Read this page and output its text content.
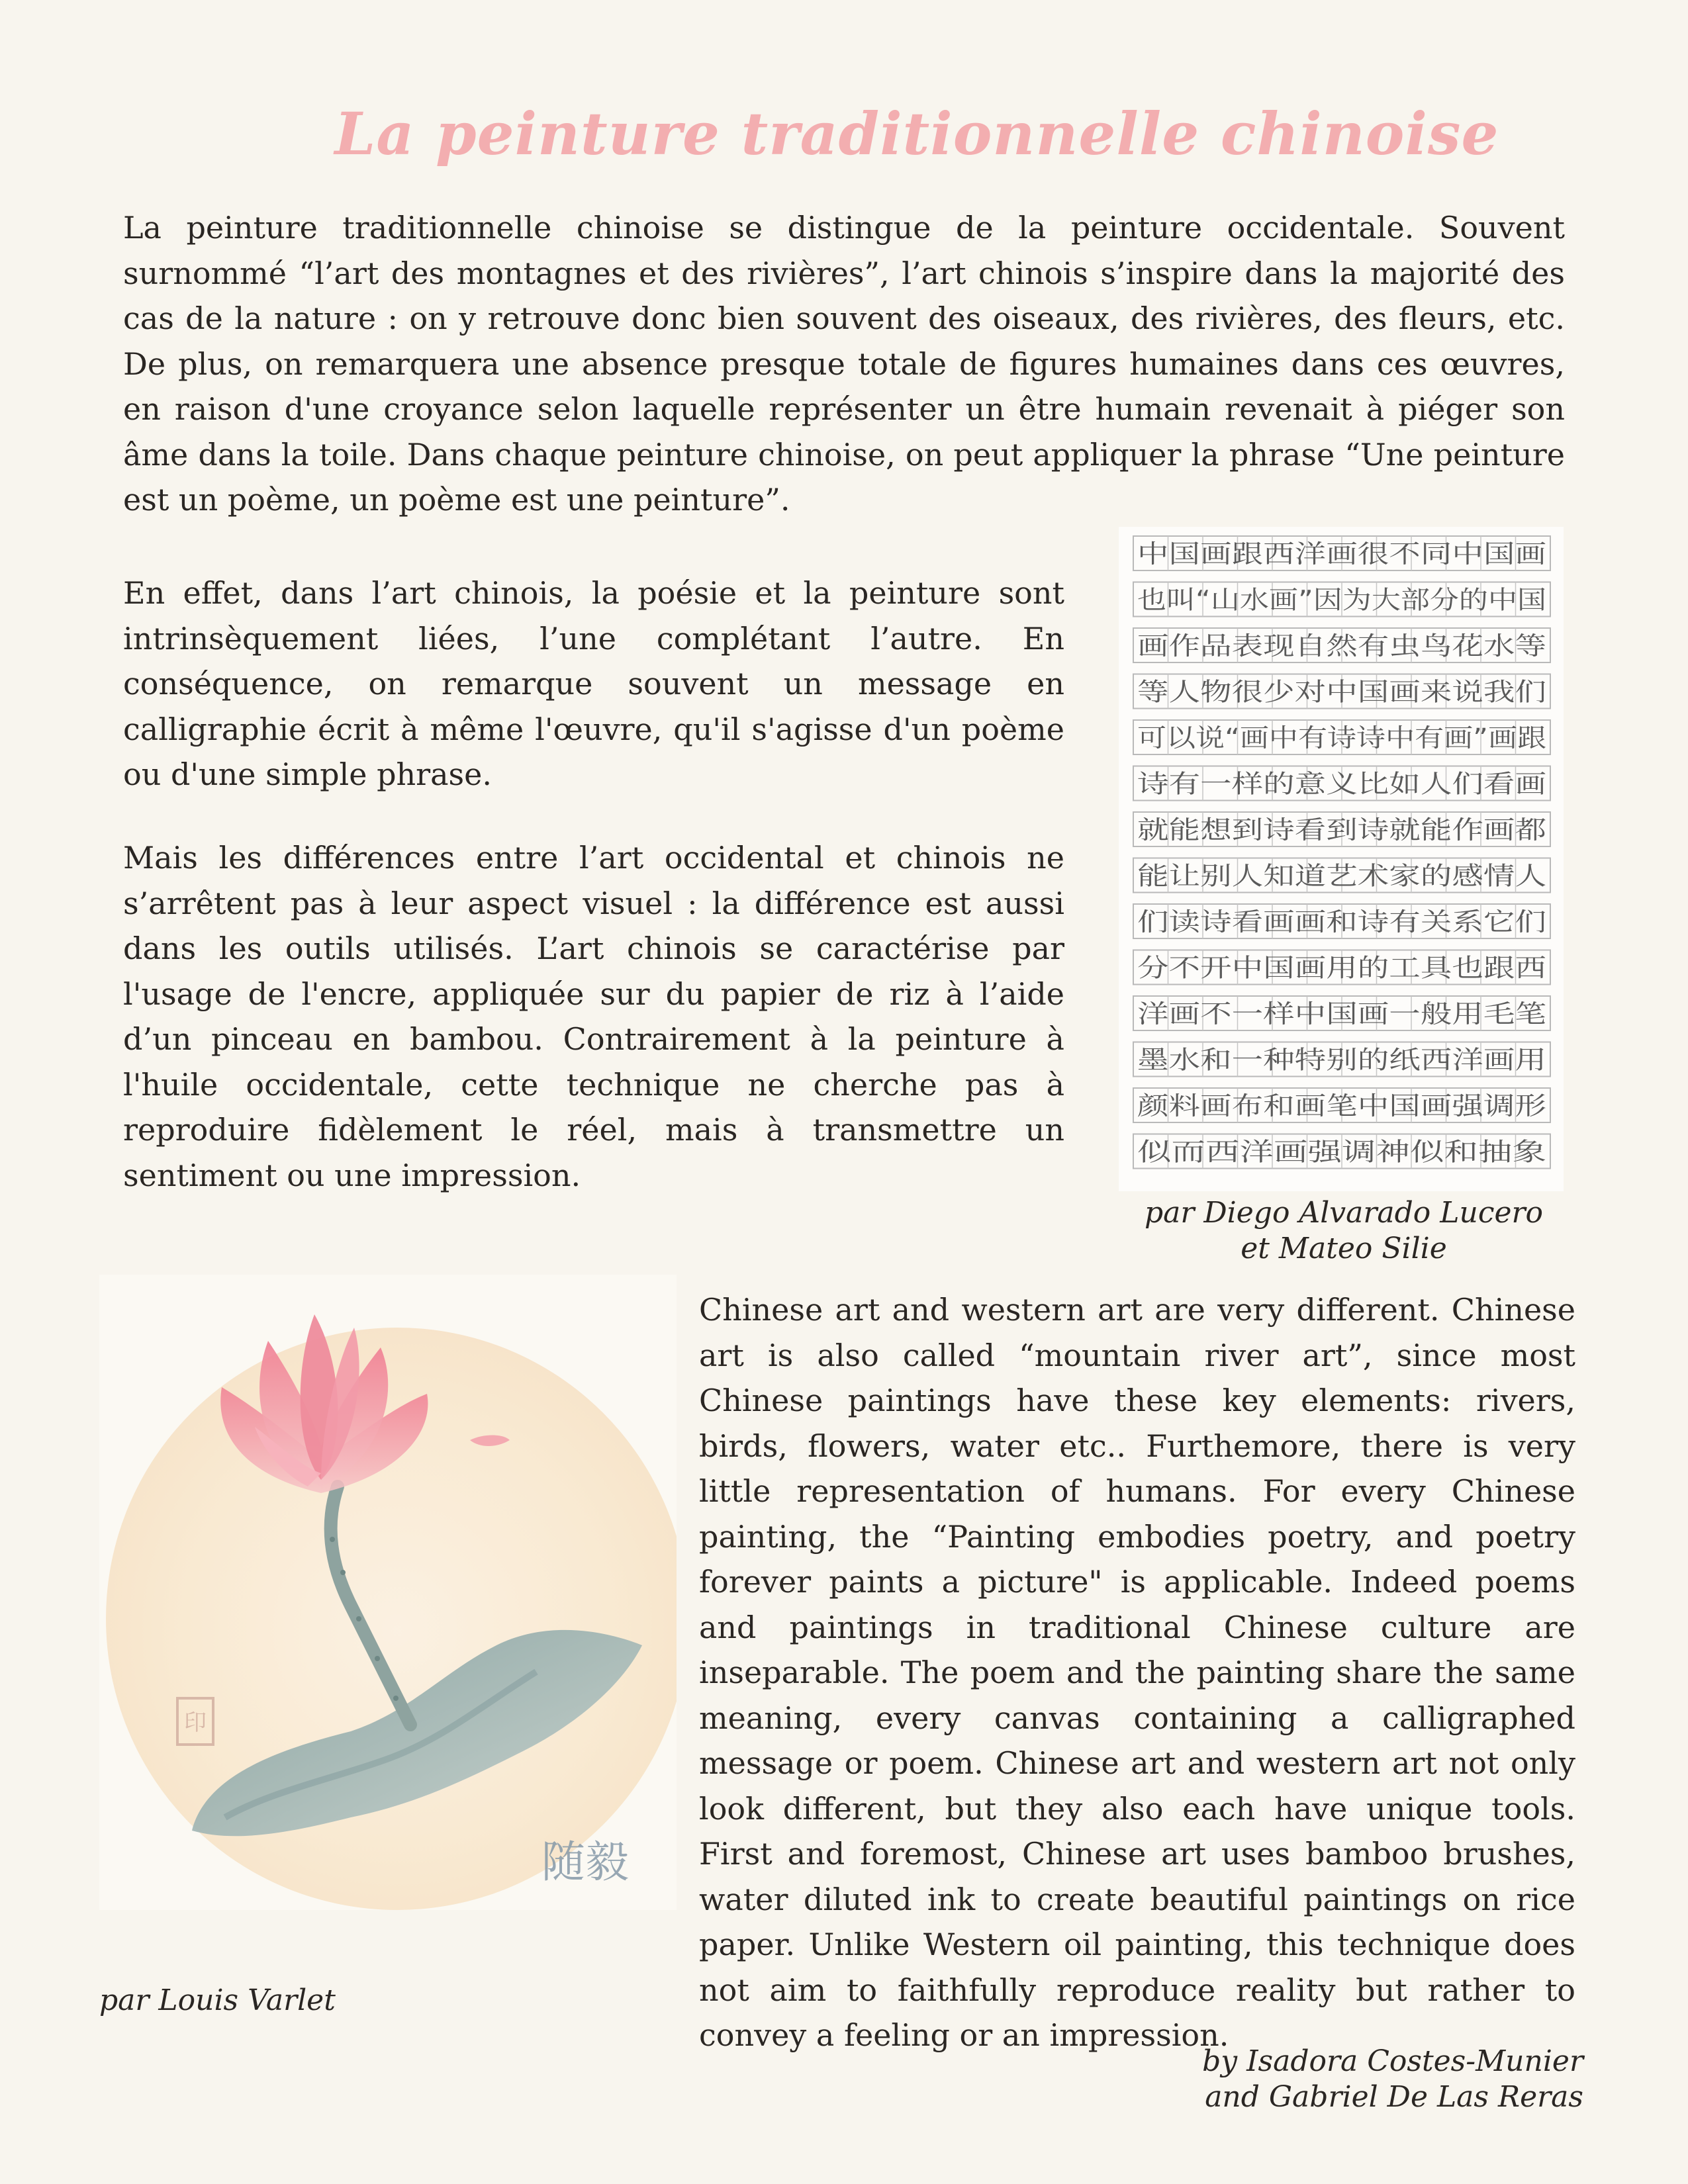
La peinture traditionnelle chinoise

La peinture traditionnelle chinoise se distingue de la peinture occidentale. Souvent surnommé “l’art des montagnes et des rivières”, l’art chinois s’inspire dans la majorité des cas de la nature : on y retrouve donc bien souvent des oiseaux, des rivières, des fleurs, etc. De plus, on remarquera une absence presque totale de figures humaines dans ces œuvres, en raison d'une croyance selon laquelle représenter un être humain revenait à piéger son âme dans la toile. Dans chaque peinture chinoise, on peut appliquer la phrase “Une peinture est un poème, un poème est une peinture”.

En effet, dans l’art chinois, la poésie et la peinture sont intrinsèquement liées, l’une complétant l’autre. En conséquence, on remarque souvent un message en calligraphie écrit à même l'œuvre, qu'il s'agisse d'un poème ou d'une simple phrase.

Mais les différences entre l’art occidental et chinois ne s’arrêtent pas à leur aspect visuel : la différence est aussi dans les outils utilisés. L’art chinois se caractérise par l'usage de l'encre, appliquée sur du papier de riz à l’aide d’un pinceau en bambou. Contrairement à la peinture à l'huile occidentale, cette technique ne cherche pas à reproduire fidèlement le réel, mais à transmettre un sentiment ou une impression.

中国画跟西洋画很不同中国画
也叫“山水画”因为大部分的中国
画作品表现自然有虫鸟花水等
等人物很少对中国画来说我们
可以说“画中有诗诗中有画”画跟
诗有一样的意义比如人们看画
就能想到诗看到诗就能作画都
能让别人知道艺术家的感情人
们读诗看画画和诗有关系它们
分不开中国画用的工具也跟西
洋画不一样中国画一般用毛笔
墨水和一种特别的纸西洋画用
颜料画布和画笔中国画强调形
似而西洋画强调神似和抽象

par Diego Alvarado Lucero
et Mateo Silie

印
随毅

par Louis Varlet

Chinese art and western art are very different. Chinese art is also called “mountain river art”, since most Chinese paintings have these key elements: rivers, birds, flowers, water etc.. Furthemore, there is very little representation of humans. For every Chinese painting, the “Painting embodies poetry, and poetry forever paints a picture" is applicable. Indeed poems and paintings in traditional Chinese culture are inseparable. The poem and the painting share the same meaning, every canvas containing a calligraphed message or poem. Chinese art and western art not only look different, but they also each have unique tools. First and foremost, Chinese art uses bamboo brushes, water diluted ink to create beautiful paintings on rice paper. Unlike Western oil painting, this technique does not aim to faithfully reproduce reality but rather to convey a feeling or an impression.

by Isadora Costes-Munier
and Gabriel De Las Reras
